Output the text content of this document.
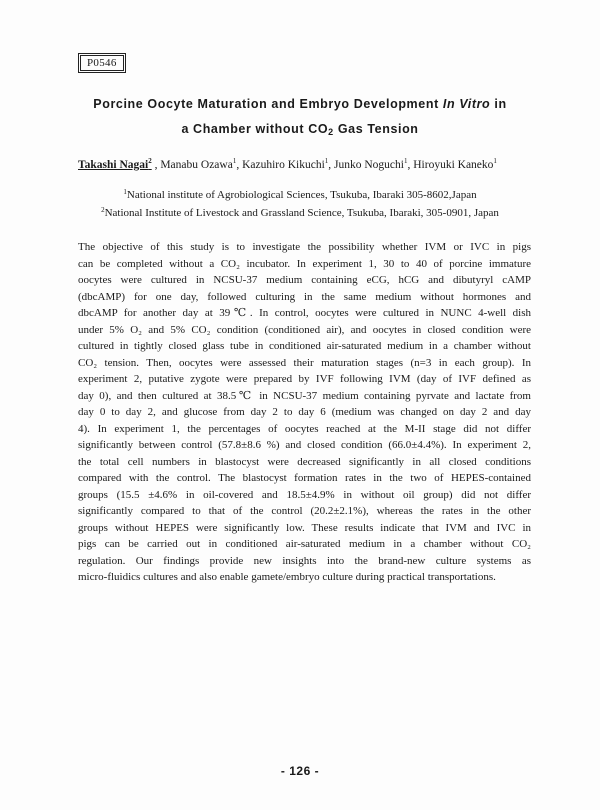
P0546
Porcine Oocyte Maturation and Embryo Development In Vitro in
a Chamber without $CO_2$ Gas Tension
Takashi Nagai$^2$ , Manabu Ozawa$^1$, Kazuhiro Kikuchi$^1$, Junko Noguchi$^1$, Hiroyuki Kaneko$^1$
$^1$National institute of Agrobiological Sciences, Tsukuba, Ibaraki 305-8602,Japan
$^2$National Institute of Livestock and Grassland Science, Tsukuba, Ibaraki, 305-0901, Japan
The objective of this study is to investigate the possibility whether IVM or IVC in pigs
can be completed without a CO₂ incubator. In experiment 1, 30 to 40 of porcine immature
oocytes were cultured in NCSU-37 medium containing eCG, hCG and dibutyryl cAMP
(dbcAMP) for one day, followed culturing in the same medium without hormones and
dbcAMP for another day at 39℃. In control, oocytes were cultured in NUNC 4-well dish
under 5% O₂ and 5% CO₂ condition (conditioned air), and oocytes in closed condition were
cultured in tightly closed glass tube in conditioned air-saturated medium in a chamber without
CO₂ tension. Then, oocytes were assessed their maturation stages (n=3 in each group). In
experiment 2, putative zygote were prepared by IVF following IVM (day of IVF defined as
day 0), and then cultured at 38.5℃ in NCSU-37 medium containing pyrvate and lactate from
day 0 to day 2, and glucose from day 2 to day 6 (medium was changed on day 2 and day
4). In experiment 1, the percentages of oocytes reached at the M-II stage did not differ
significantly between control (57.8±8.6 %) and closed condition (66.0±4.4%). In experiment 2,
the total cell numbers in blastocyst were decreased significantly in all closed conditions
compared with the control. The blastocyst formation rates in the two of HEPES-contained
groups (15.5 ±4.6% in oil-covered and 18.5±4.9% in without oil group) did not differ
significantly compared to that of the control (20.2±2.1%), whereas the rates in the other
groups without HEPES were significantly low. These results indicate that IVM and IVC in
pigs can be carried out in conditioned air-saturated medium in a chamber without CO₂
regulation. Our findings provide new insights into the brand-new culture systems as
micro-fluidics cultures and also enable gamete/embryo culture during practical transportations.
- 126 -
